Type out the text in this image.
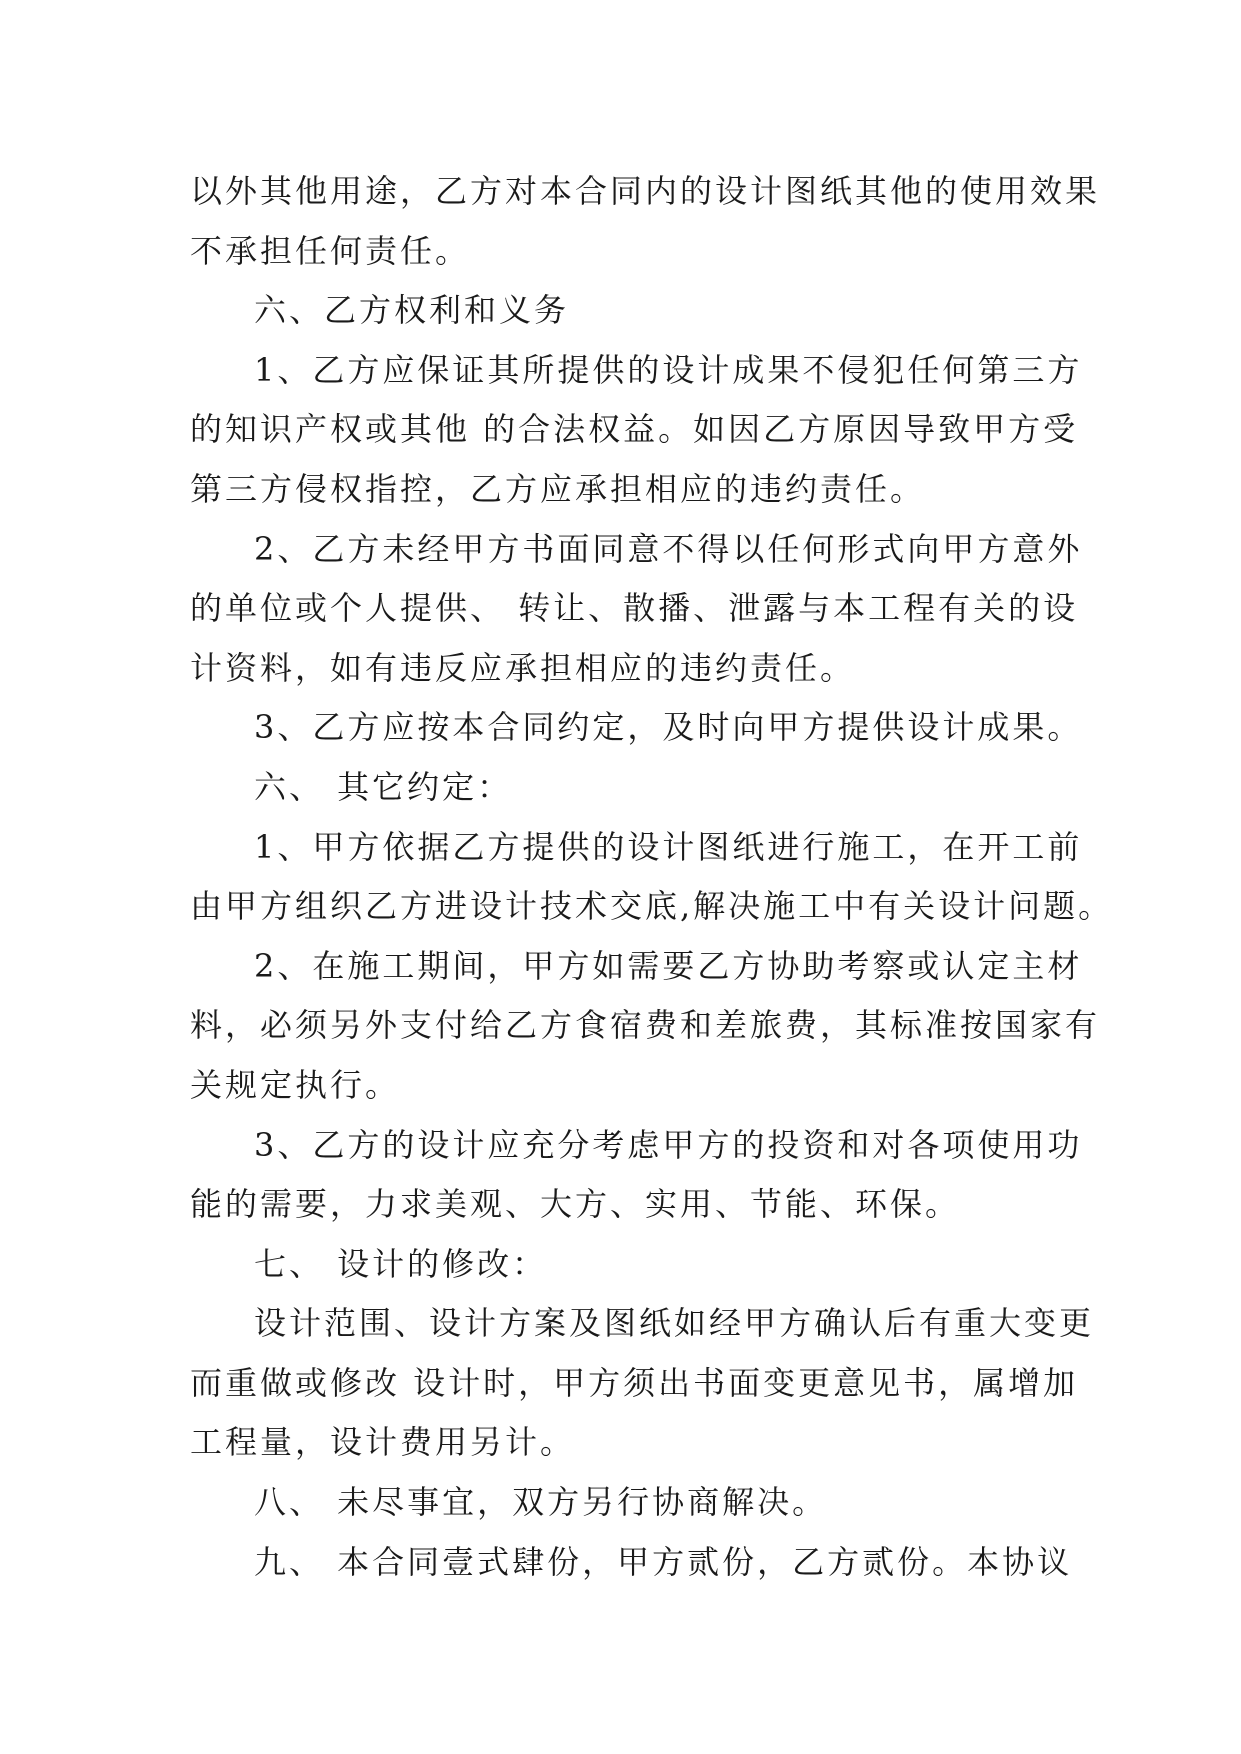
以外其他用途，乙方对本合同内的设计图纸其他的使用效果
不承担任何责任。
六、乙方权利和义务
1、乙方应保证其所提供的设计成果不侵犯任何第三方
的知识产权或其他 的合法权益。如因乙方原因导致甲方受
第三方侵权指控，乙方应承担相应的违约责任。
2、乙方未经甲方书面同意不得以任何形式向甲方意外
的单位或个人提供、 转让、散播、泄露与本工程有关的设
计资料，如有违反应承担相应的违约责任。
3、乙方应按本合同约定，及时向甲方提供设计成果。
六、 其它约定：
1、甲方依据乙方提供的设计图纸进行施工，在开工前
由甲方组织乙方进设计技术交底,解决施工中有关设计问题。
2、在施工期间，甲方如需要乙方协助考察或认定主材
料，必须另外支付给乙方食宿费和差旅费，其标准按国家有
关规定执行。
3、乙方的设计应充分考虑甲方的投资和对各项使用功
能的需要，力求美观、大方、实用、节能、环保。
七、 设计的修改：
设计范围、设计方案及图纸如经甲方确认后有重大变更
而重做或修改 设计时，甲方须出书面变更意见书，属增加
工程量，设计费用另计。
八、 未尽事宜，双方另行协商解决。
九、 本合同壹式肆份，甲方贰份，乙方贰份。本协议
